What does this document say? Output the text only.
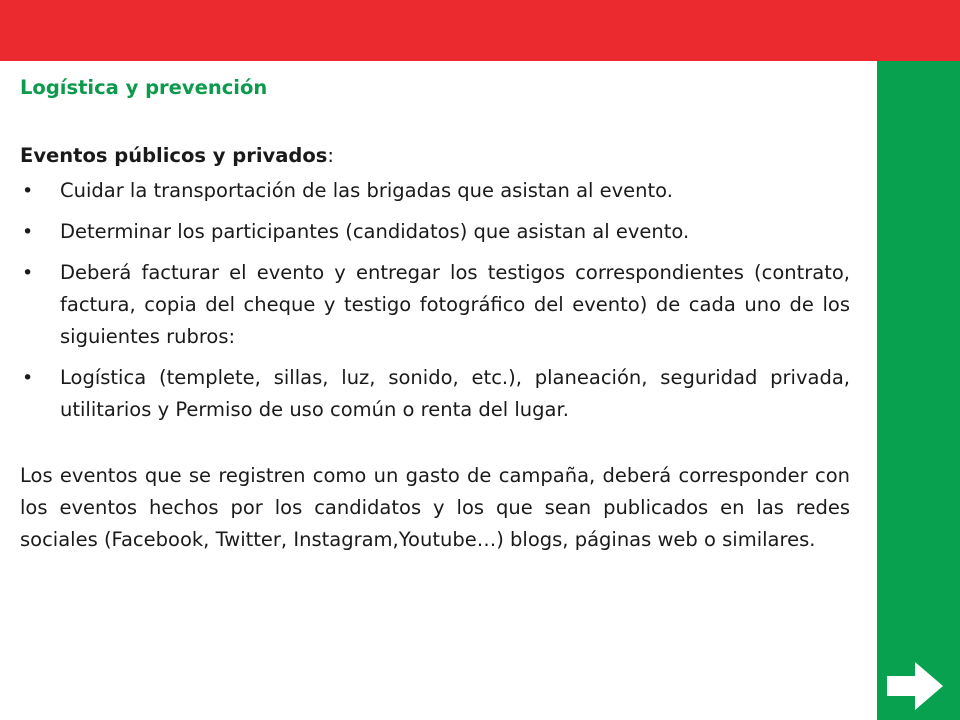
Logística y prevención

Eventos públicos y privados:

• Cuidar la transportación de las brigadas que asistan al evento.
• Determinar los participantes (candidatos) que asistan al evento.
• Deberá facturar el evento y entregar los testigos correspondientes (contrato, factura, copia del cheque y testigo fotográfico del evento) de cada uno de los siguientes rubros:
• Logística (templete, sillas, luz, sonido, etc.), planeación, seguridad privada, utilitarios y Permiso de uso común o renta del lugar.

Los eventos que se registren como un gasto de campaña, deberá corresponder con los eventos hechos por los candidatos y los que sean publicados en las redes sociales (Facebook, Twitter, Instagram,Youtube…) blogs, páginas web o similares.
